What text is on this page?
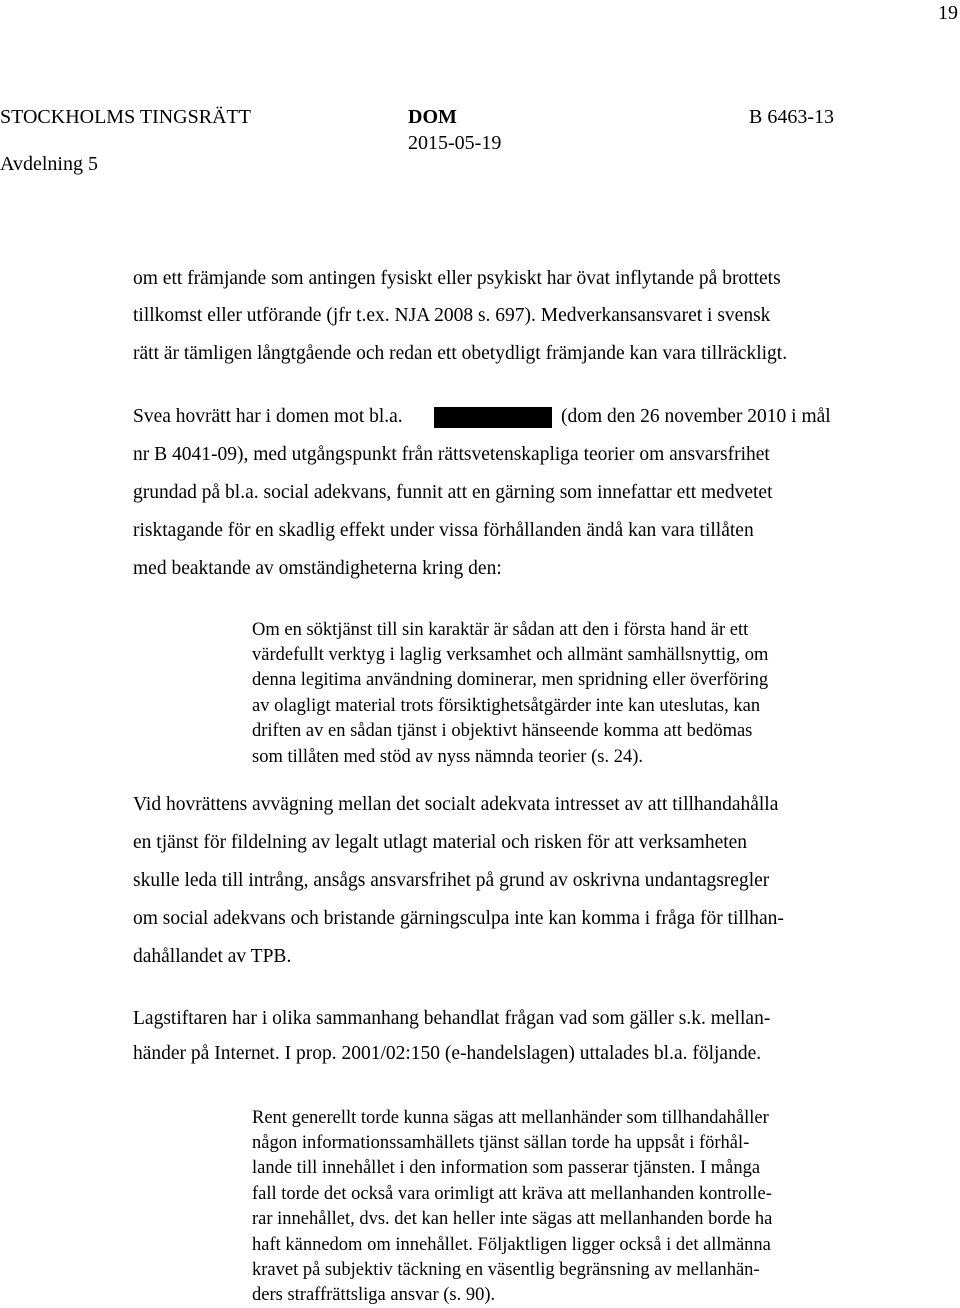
19
STOCKHOLMS TINGSRÄTT
Avdelning 5
DOM
2015-05-19
B 6463-13
om ett främjande som antingen fysiskt eller psykiskt har övat inflytande på brottets
tillkomst eller utförande (jfr t.ex. NJA 2008 s. 697). Medverkansansvaret i svensk
rätt är tämligen långtgående och redan ett obetydligt främjande kan vara tillräckligt.
Svea hovrätt har i domen mot bl.a.	(dom den 26 november 2010 i mål
nr B 4041-09), med utgångspunkt från rättsvetenskapliga teorier om ansvarsfrihet
grundad på bl.a. social adekvans, funnit att en gärning som innefattar ett medvetet
risktagande för en skadlig effekt under vissa förhållanden ändå kan vara tillåten
med beaktande av omständigheterna kring den:
Om en söktjänst till sin karaktär är sådan att den i första hand är ett
värdefullt verktyg i laglig verksamhet och allmänt samhällsnyttig, om
denna legitima användning dominerar, men spridning eller överföring
av olagligt material trots försiktighetsåtgärder inte kan uteslutas, kan
driften av en sådan tjänst i objektivt hänseende komma att bedömas
som tillåten med stöd av nyss nämnda teorier (s. 24).
Vid hovrättens avvägning mellan det socialt adekvata intresset av att tillhandahålla
en tjänst för fildelning av legalt utlagt material och risken för att verksamheten
skulle leda till intrång, ansågs ansvarsfrihet på grund av oskrivna undantagsregler
om social adekvans och bristande gärningsculpa inte kan komma i fråga för tillhan-
dahållandet av TPB.
Lagstiftaren har i olika sammanhang behandlat frågan vad som gäller s.k. mellan-
händer på Internet. I prop. 2001/02:150 (e-handelslagen) uttalades bl.a. följande.
Rent generellt torde kunna sägas att mellanhänder som tillhandahåller
någon informationssamhällets tjänst sällan torde ha uppsåt i förhål-
lande till innehållet i den information som passerar tjänsten. I många
fall torde det också vara orimligt att kräva att mellanhanden kontrolle-
rar innehållet, dvs. det kan heller inte sägas att mellanhanden borde ha
haft kännedom om innehållet. Följaktligen ligger också i det allmänna
kravet på subjektiv täckning en väsentlig begränsning av mellanhän-
ders straffrättsliga ansvar (s. 90).
